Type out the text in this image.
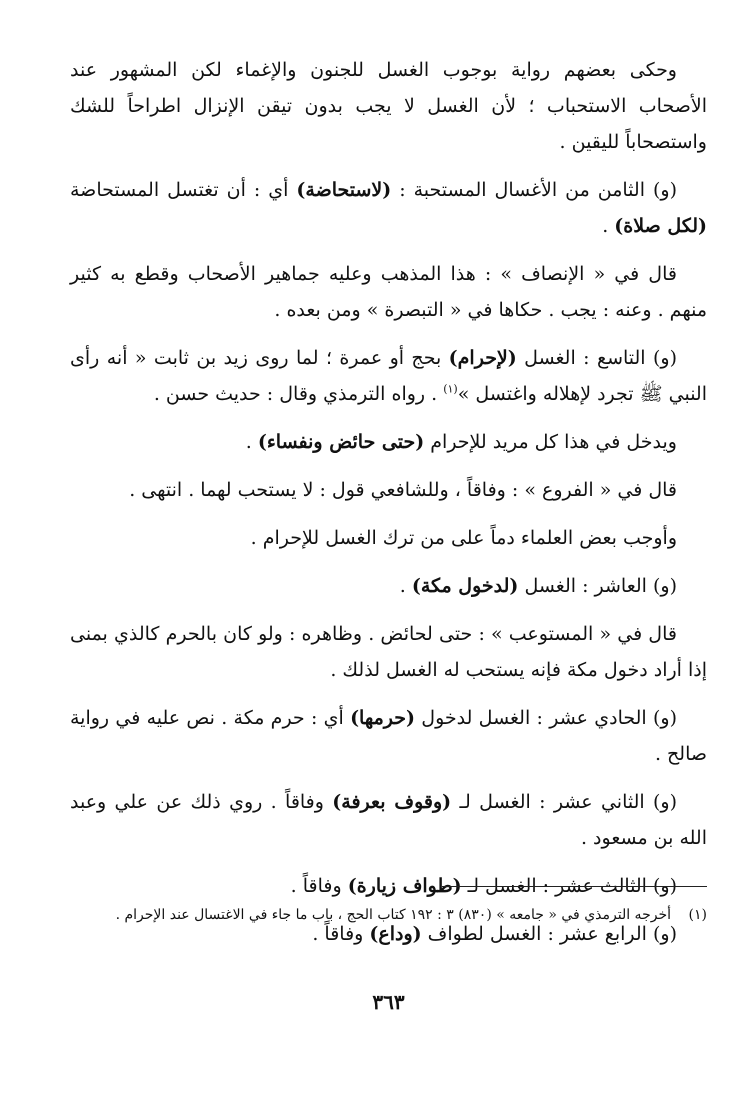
وحكى بعضهم رواية بوجوب الغسل للجنون والإغماء لكن المشهور عند الأصحاب الاستحباب ؛ لأن الغسل لا يجب بدون تيقن الإنزال اطراحاً للشك واستصحاباً لليقين .

(و) الثامن من الأغسال المستحبة : (لاستحاضة) أي : أن تغتسل المستحاضة (لكل صلاة) .

قال في « الإنصاف » : هذا المذهب وعليه جماهير الأصحاب وقطع به كثير منهم . وعنه : يجب . حكاها في « التبصرة » ومن بعده .

(و) التاسع : الغسل (لإحرام) بحج أو عمرة ؛ لما روى زيد بن ثابت « أنه رأى النبي ﷺ تجرد لإهلاله واغتسل »$^{(١)}$ . رواه الترمذي وقال : حديث حسن .

ويدخل في هذا كل مريد للإحرام (حتى حائض ونفساء) .

قال في « الفروع » : وفاقاً ، وللشافعي قول : لا يستحب لهما . انتهى .

وأوجب بعض العلماء دماً على من ترك الغسل للإحرام .

(و) العاشر : الغسل (لدخول مكة) .

قال في « المستوعب » : حتى لحائض . وظاهره : ولو كان بالحرم كالذي بمنى إذا أراد دخول مكة فإنه يستحب له الغسل لذلك .

(و) الحادي عشر : الغسل لدخول (حرمها) أي : حرم مكة . نص عليه في رواية صالح .

(و) الثاني عشر : الغسل لـ (وقوف بعرفة) وفاقاً . روي ذلك عن علي وعبد الله بن مسعود .

(و) الثالث عشر : الغسل لـ (طواف زيارة) وفاقاً .

(و) الرابع عشر : الغسل لطواف (وداع) وفاقاً .

(١)أخرجه الترمذي في « جامعه » (٨٣٠) ٣ : ١٩٢ كتاب الحج ، باب ما جاء في الاغتسال عند الإحرام .
٣٦٣
